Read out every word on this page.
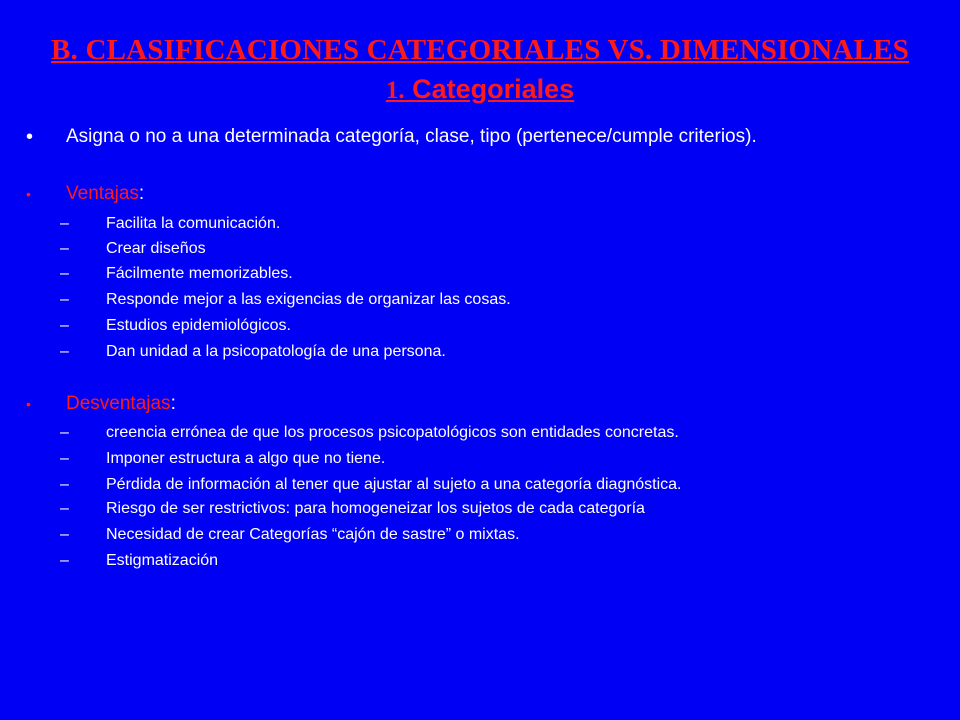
B. CLASIFICACIONES CATEGORIALES VS. DIMENSIONALES
1. Categoriales
• Asigna o no a una determinada categoría, clase, tipo (pertenece/cumple criterios).
• Ventajas:
– Facilita la comunicación.
– Crear diseños
– Fácilmente memorizables.
– Responde mejor a las exigencias de organizar las cosas.
– Estudios epidemiológicos.
– Dan unidad a la psicopatología de una persona.
• Desventajas:
– creencia errónea de que los procesos psicopatológicos son entidades concretas.
– Imponer estructura a algo que no tiene.
– Pérdida de información al tener que ajustar al sujeto a una categoría diagnóstica.
– Riesgo de ser restrictivos: para homogeneizar los sujetos de cada categoría
– Necesidad de crear Categorías “cajón de sastre” o mixtas.
– Estigmatización
